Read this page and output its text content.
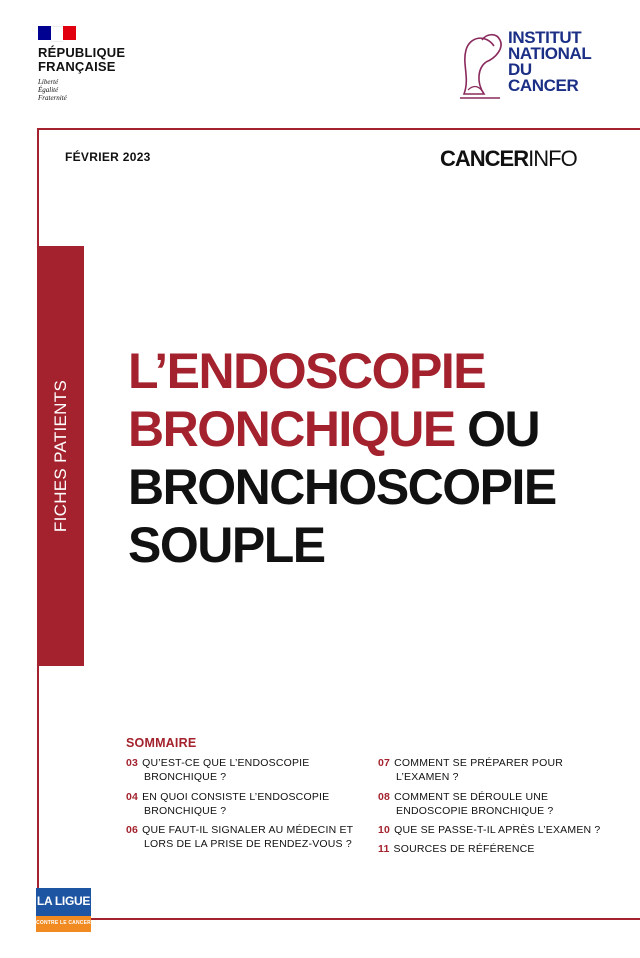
RÉPUBLIQUE
FRANÇAISE
Liberté
Égalité
Fraternité
INSTITUT
NATIONAL
DU CANCER
FÉVRIER 2023	CANCERINFO
FICHES PATIENTS
L’ENDOSCOPIE
BRONCHIQUE OU
BRONCHOSCOPIE
SOUPLE
SOMMAIRE
03 QU’EST-CE QUE L’ENDOSCOPIE
BRONCHIQUE ?
04 EN QUOI CONSISTE L’ENDOSCOPIE
BRONCHIQUE ?
06 QUE FAUT-IL SIGNALER AU MÉDECIN ET
LORS DE LA PRISE DE RENDEZ-VOUS ?
07 COMMENT SE PRÉPARER POUR
L’EXAMEN ?
08 COMMENT SE DÉROULE UNE
ENDOSCOPIE BRONCHIQUE ?
10 QUE SE PASSE-T-IL APRÈS L’EXAMEN ?
11 SOURCES DE RÉFÉRENCE
LA LIGUE
CONTRE LE CANCER
